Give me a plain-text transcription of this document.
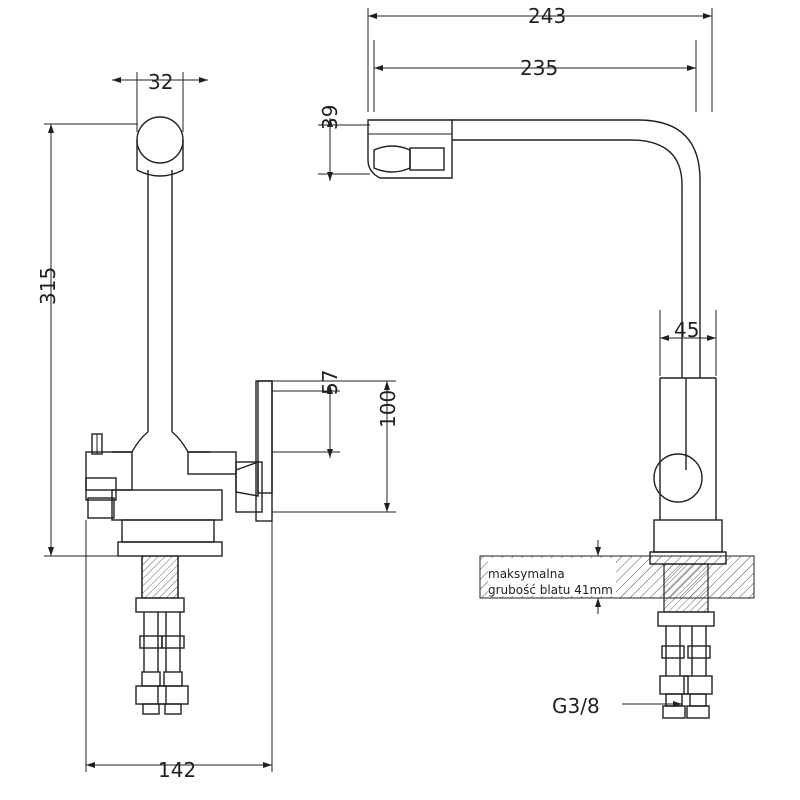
32
315
142
57
100
243
235
39
45
G3/8
maksymalna
grubość blatu 41mm
